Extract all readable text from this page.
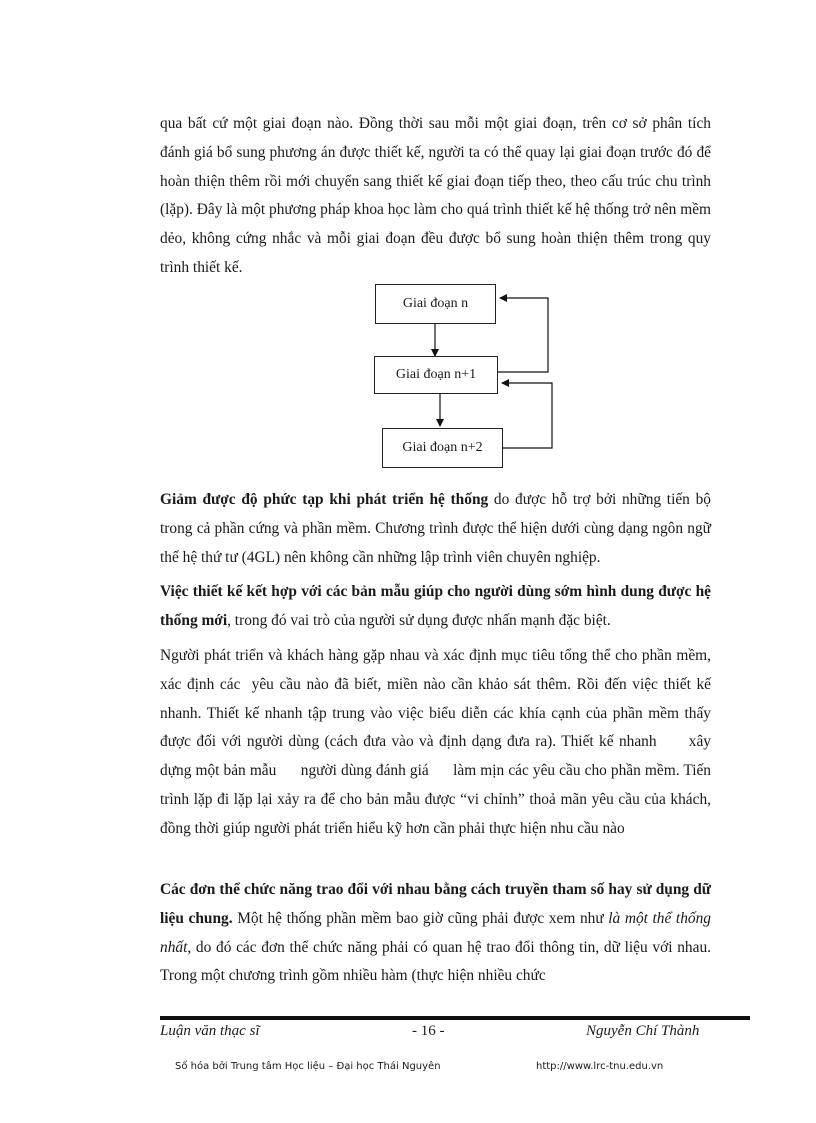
qua bất cứ một giai đoạn nào. Đồng thời sau mỗi một giai đoạn, trên cơ sở phân tích đánh giá bổ sung phương án được thiết kế, người ta có thể quay lại giai đoạn trước đó để hoàn thiện thêm rồi mới chuyển sang thiết kế giai đoạn tiếp theo, theo cấu trúc chu trình (lặp). Đây là một phương pháp khoa học làm cho quá trình thiết kế hệ thống trở nên mềm dẻo, không cứng nhắc và mỗi giai đoạn đều được bổ sung hoàn thiện thêm trong quy trình thiết kế.

Giai đoạn n
Giai đoạn n+1
Giai đoạn n+2

Giảm được độ phức tạp khi phát triển hệ thống do được hỗ trợ bởi những tiến bộ trong cả phần cứng và phần mềm. Chương trình được thể hiện dưới cùng dạng ngôn ngữ thế hệ thứ tư (4GL) nên không cần những lập trình viên chuyên nghiệp.

Việc thiết kế kết hợp với các bản mẫu giúp cho người dùng sớm hình dung được hệ thống mới, trong đó vai trò của người sử dụng được nhấn mạnh đặc biệt.

Người phát triển và khách hàng gặp nhau và xác định mục tiêu tổng thể cho phần mềm, xác định các  yêu cầu nào đã biết, miền nào cần khảo sát thêm. Rồi đến việc thiết kế nhanh. Thiết kế nhanh tập trung vào việc biểu diễn các khía cạnh của phần mềm thấy được đối với người dùng (cách đưa vào và định dạng đưa ra). Thiết kế nhanh      xây dựng một bản mẫu      người dùng đánh giá      làm mịn các yêu cầu cho phần mềm. Tiến trình lặp đi lặp lại xảy ra để cho bản mẫu được “vi chỉnh” thoả mãn yêu cầu của khách, đồng thời giúp người phát triển hiểu kỹ hơn cần phải thực hiện nhu cầu nào

Các đơn thể chức năng trao đổi với nhau bằng cách truyền tham số hay sử dụng dữ liệu chung. Một hệ thống phần mềm bao giờ cũng phải được xem như là một thể thống nhất, do đó các đơn thể chức năng phải có quan hệ trao đổi thông tin, dữ liệu với nhau. Trong một chương trình gồm nhiều hàm (thực hiện nhiều chức

Luận văn thạc sĩ	- 16 -	Nguyễn Chí Thành
Số hóa bởi Trung tâm Học liệu – Đại học Thái Nguyên	http://www.lrc-tnu.edu.vn
